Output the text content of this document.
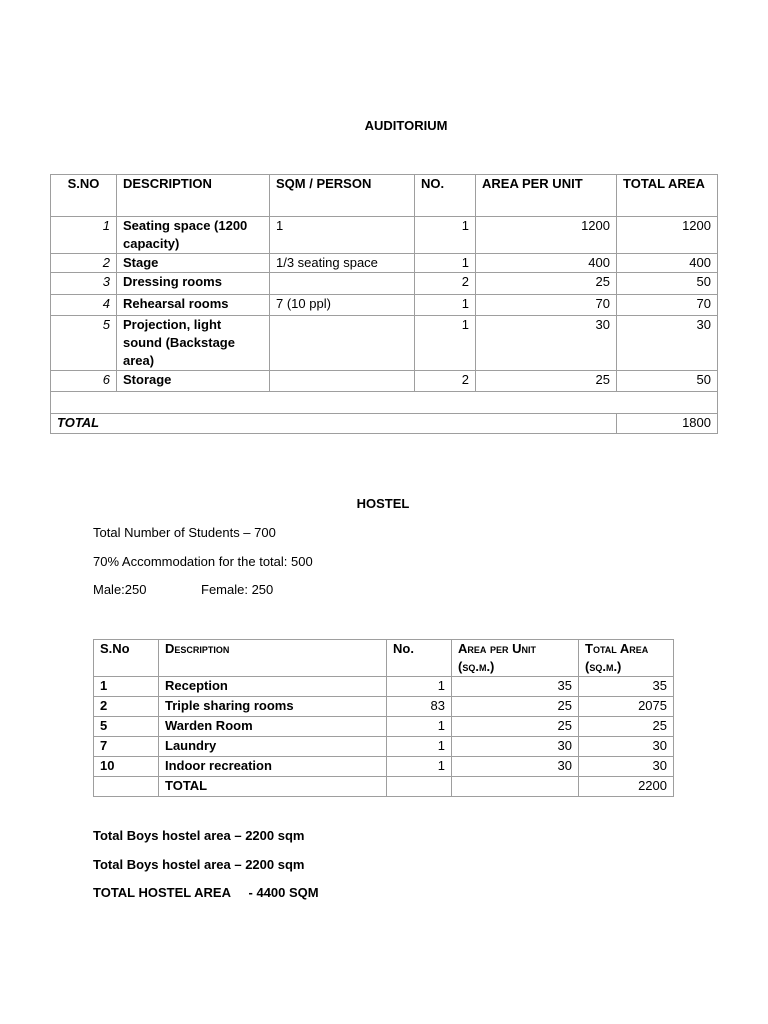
AUDITORIUM
S.NO	DESCRIPTION	SQM / PERSON	NO.	AREA PER UNIT	TOTAL AREA
1	Seating space (1200 capacity)	1	1	1200	1200
2	Stage	1/3 seating space	1	400	400
3	Dressing rooms		2	25	50
4	Rehearsal rooms	7 (10 ppl)	1	70	70
5	Projection, light sound (Backstage area)		1	30	30
6	Storage		2	25	50

TOTAL					1800
HOSTEL
Total Number of Students – 700
70% Accommodation for the total: 500
Male:250	Female: 250
S.No	Description	No.	Area per Unit (sq.m.)	Total Area (sq.m.)
1	Reception	1	35	35
2	Triple sharing rooms	83	25	2075
5	Warden Room	1	25	25
7	Laundry	1	30	30
10	Indoor recreation	1	30	30
	TOTAL			2200
Total Boys hostel area – 2200 sqm
Total Boys hostel area – 2200 sqm
TOTAL HOSTEL AREA     - 4400 SQM
